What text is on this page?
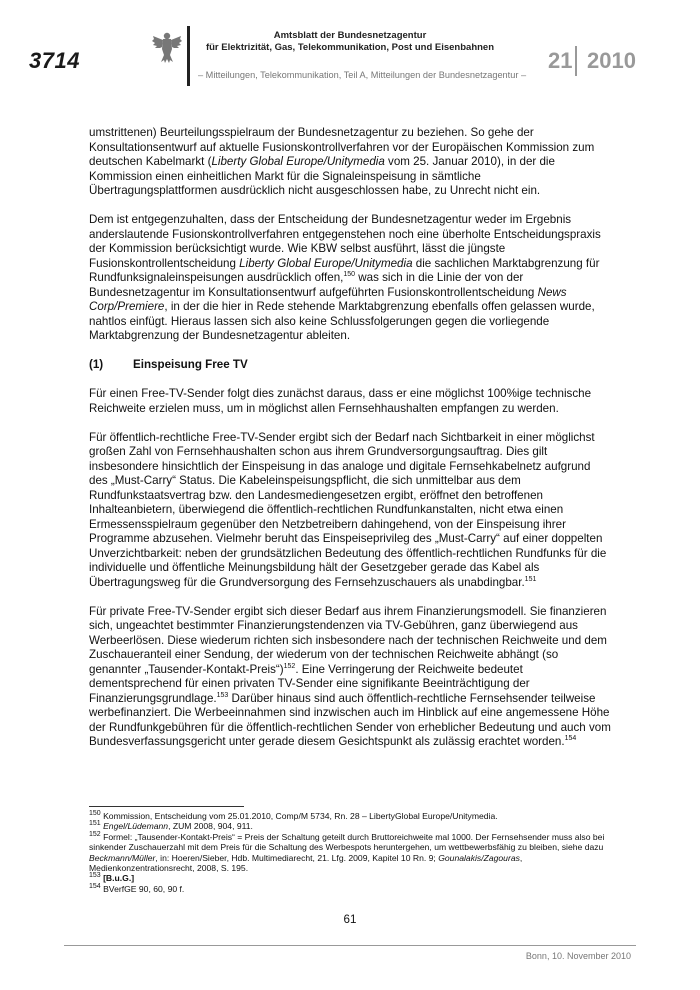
3714
Amtsblatt der Bundesnetzagentur
für Elektrizität, Gas, Telekommunikation, Post und Eisenbahnen
– Mitteilungen, Telekommunikation, Teil A, Mitteilungen der Bundesnetzagentur –
21 2010

umstrittenen) Beurteilungsspielraum der Bundesnetzagentur zu beziehen. So gehe der Konsultationsentwurf auf aktuelle Fusionskontrollverfahren vor der Europäischen Kommission zum deutschen Kabelmarkt (Liberty Global Europe/Unitymedia vom 25. Januar 2010), in der die Kommission einen einheitlichen Markt für die Signaleinspeisung in sämtliche Übertragungsplattformen ausdrücklich nicht ausgeschlossen habe, zu Unrecht nicht ein.

Dem ist entgegenzuhalten, dass der Entscheidung der Bundesnetzagentur weder im Ergebnis anderslautende Fusionskontrollverfahren entgegenstehen noch eine überholte Entscheidungspraxis der Kommission berücksichtigt wurde. Wie KBW selbst ausführt, lässt die jüngste Fusionskontrollentscheidung Liberty Global Europe/Unitymedia die sachlichen Marktabgrenzung für Rundfunksignaleinspeisungen ausdrücklich offen,$^{150}$ was sich in die Linie der von der Bundesnetzagentur im Konsultationsentwurf aufgeführten Fusionskontrollentscheidung News Corp/Premiere, in der die hier in Rede stehende Marktabgrenzung ebenfalls offen gelassen wurde, nahtlos einfügt. Hieraus lassen sich also keine Schlussfolgerungen gegen die vorliegende Marktabgrenzung der Bundesnetzagentur ableiten.

(1)	Einspeisung Free TV

Für einen Free-TV-Sender folgt dies zunächst daraus, dass er eine möglichst 100%ige technische Reichweite erzielen muss, um in möglichst allen Fernsehhaushalten empfangen zu werden.

Für öffentlich-rechtliche Free-TV-Sender ergibt sich der Bedarf nach Sichtbarkeit in einer möglichst großen Zahl von Fernsehhaushalten schon aus ihrem Grundversorgungsauftrag. Dies gilt insbesondere hinsichtlich der Einspeisung in das analoge und digitale Fernsehkabelnetz aufgrund des „Must-Carry“ Status. Die Kabeleinspeisungspflicht, die sich unmittelbar aus dem Rundfunkstaatsvertrag bzw. den Landesmediengesetzen ergibt, eröffnet den betroffenen Inhalteanbietern, überwiegend die öffentlich-rechtlichen Rundfunkanstalten, nicht etwa einen Ermessensspielraum gegenüber den Netzbetreibern dahingehend, von der Einspeisung ihrer Programme abzusehen. Vielmehr beruht das Einspeiseprivileg des „Must-Carry“ auf einer doppelten Unverzichtbarkeit: neben der grundsätzlichen Bedeutung des öffentlich-rechtlichen Rundfunks für die individuelle und öffentliche Meinungsbildung hält der Gesetzgeber gerade das Kabel als Übertragungsweg für die Grundversorgung des Fernsehzuschauers als unabdingbar.$^{151}$

Für private Free-TV-Sender ergibt sich dieser Bedarf aus ihrem Finanzierungsmodell. Sie finanzieren sich, ungeachtet bestimmter Finanzierungstendenzen via TV-Gebühren, ganz überwiegend aus Werbeerlösen. Diese wiederum richten sich insbesondere nach der technischen Reichweite und dem Zuschaueranteil einer Sendung, der wiederum von der technischen Reichweite abhängt (so genannter „Tausender-Kontakt-Preis“)$^{152}$. Eine Verringerung der Reichweite bedeutet dementsprechend für einen privaten TV-Sender eine signifikante Beeinträchtigung der Finanzierungsgrundlage.$^{153}$ Darüber hinaus sind auch öffentlich-rechtliche Fernsehsender teilweise werbefinanziert. Die Werbeeinnahmen sind inzwischen auch im Hinblick auf eine angemessene Höhe der Rundfunkgebühren für die öffentlich-rechtlichen Sender von erheblicher Bedeutung und auch vom Bundesverfassungsgericht unter gerade diesem Gesichtspunkt als zulässig erachtet worden.$^{154}$

$^{150}$ Kommission, Entscheidung vom 25.01.2010, Comp/M 5734, Rn. 28 – LibertyGlobal Europe/Unitymedia.
$^{151}$ Engel/Lüdemann, ZUM 2008, 904, 911.
$^{152}$ Formel: „Tausender-Kontakt-Preis“ = Preis der Schaltung geteilt durch Bruttoreichweite mal 1000. Der Fernsehsender muss also bei sinkender Zuschauerzahl mit dem Preis für die Schaltung des Werbespots heruntergehen, um wettbewerbsfähig zu bleiben, siehe dazu Beckmann/Müller, in: Hoeren/Sieber, Hdb. Multimediarecht, 21. Lfg. 2009, Kapitel 10 Rn. 9; Gounalakis/Zagouras, Medienkonzentrationsrecht, 2008, S. 195.
$^{153}$ [B.u.G.]
$^{154}$ BVerfGE 90, 60, 90 f.
61
Bonn, 10. November 2010
